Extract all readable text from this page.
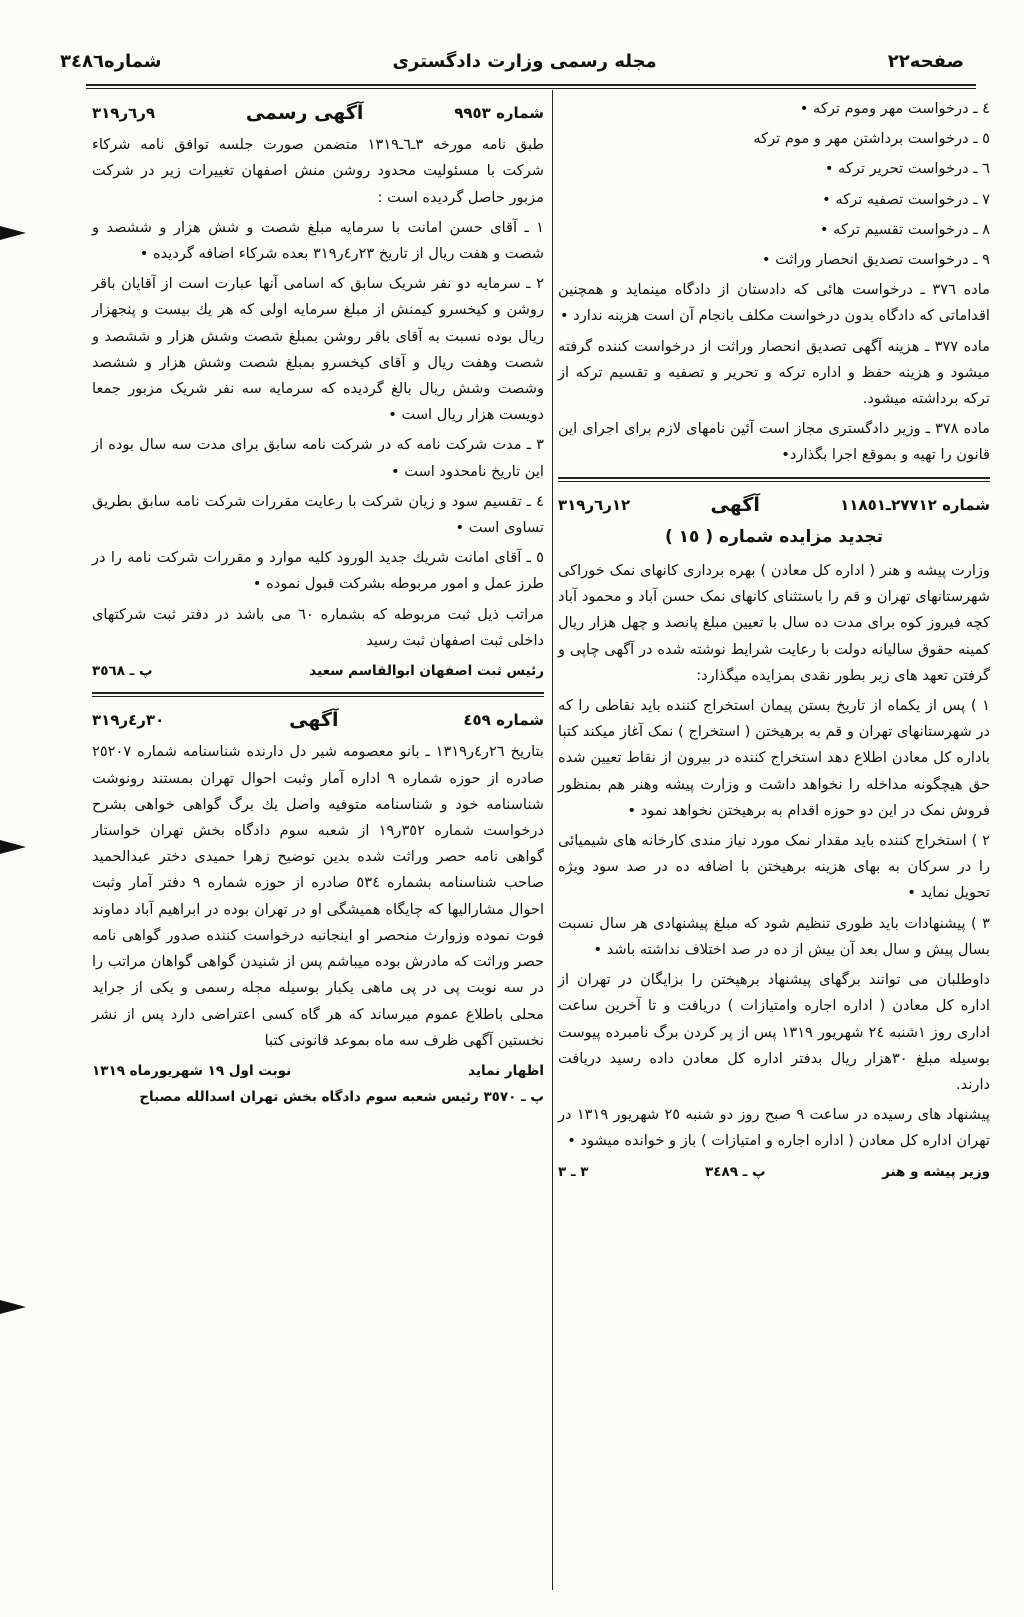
صفحه۲۲
مجله رسمی وزارت دادگستری
شماره۳٤۸٦

٤ ـ درخواست مهر وموم ترکه •

٥ ـ درخواست برداشتن مهر و موم ترکه

٦ ـ درخواست تحریر ترکه •

٧ ـ درخواست تصفیه ترکه •

٨ ـ درخواست تقسیم ترکه •

٩ ـ درخواست تصدیق انحصار وراثت •

ماده ۳۷٦ ـ درخواست هائی که دادستان از دادگاه مینماید و همچنین اقداماتی که دادگاه بدون درخواست مکلف بانجام آن است هزینه ندارد •

ماده ۳۷۷ ـ هزینه آگهی تصدیق انحصار وراثت از درخواست کننده گرفته میشود و هزینه حفظ و اداره ترکه و تحریر و تصفیه و تقسیم ترکه از ترکه برداشته میشود.

ماده ۳۷۸ ـ وزیر دادگستری مجاز است آئین نامهای لازم برای اجرای این قانون را تهیه و بموقع اجرا بگذارد•

شماره ۲۷۷۱۲ـ۱۱۸٥۱
آگهی
۱۲ر٦ر۳۱۹
تجدید مزایده شماره ( ۱٥ )

وزارت پیشه و هنر ( اداره کل معادن ) بهره برداری کانهای نمک خوراکی شهرستانهای تهران و قم را باستثنای کانهای نمک حسن آباد و محمود آباد کچه فیروز کوه برای مدت ده سال با تعیین مبلغ پانصد و چهل هزار ریال کمینه حقوق سالیانه دولت با رعایت شرایط نوشته شده در آگهی چاپی و گرفتن تعهد های زیر بطور نقدی بمزایده میگذارد:

۱ ) پس از یکماه از تاریخ بستن پیمان استخراج کننده باید نقاطی را که در شهرستانهای تهران و قم به برهیختن ( استخراج ) نمک آغاز میکند کتبا باداره کل معادن اطلاع دهد استخراج کننده در بیرون از نقاط تعیین شده حق هیچگونه مداخله را نخواهد داشت و وزارت پیشه وهنر هم بمنظور فروش نمک در این دو حوزه اقدام به برهیختن نخواهد نمود •

۲ ) استخراج کننده باید مقدار نمک مورد نیاز مندی کارخانه های شیمیائی را در سرکان به بهای هزینه برهیختن با اضافه ده در صد سود ویژه تحویل نماید •

۳ ) پیشنهادات باید طوری تنظیم شود که مبلغ پیشنهادی هر سال نسبت بسال پیش و سال بعد آن بیش از ده در صد اختلاف نداشته باشد •

داوطلبان می توانند برگهای پیشنهاد برهیختن را بزایگان در تهران از اداره کل معادن ( اداره اجاره وامتیازات ) دریافت و تا آخرین ساعت اداری روز ۱شنبه ۲٤ شهریور ۱۳۱۹ پس از پر کردن برگ نامبرده پیوست بوسیله مبلغ ۳۰هزار ریال بدفتر اداره کل معادن داده رسید دریافت دارند.

پیشنهاد های رسیده در ساعت ۹ صبح روز دو شنبه ۲٥ شهریور ۱۳۱۹ در تهران اداره کل معادن ( اداره اجاره و امتیازات ) باز و خوانده میشود •

وزیر پیشه و هنر
پ ـ ۳٤۸۹
۳ ـ ۳
شماره ۹۹٥۳
آگهی رسمی
۹ر٦ر۳۱۹

طبق نامه مورخه ۳ـ٦ـ۱۳۱۹ متضمن صورت جلسه توافق نامه شرکاء شرکت با مسئولیت محدود روشن منش اصفهان تغییرات زیر در شرکت مزبور حاصل گردیده است :

۱ ـ آقای حسن امانت با سرمایه مبلغ شصت و شش هزار و ششصد و شصت و هفت ریال از تاریخ ۲۳ر٤ر۳۱۹ بعده شرکاء اضافه گردیده •

۲ ـ سرمایه دو نفر شریک سابق که اسامی آنها عبارت است از آقایان باقر روشن و کیخسرو کیمنش از مبلغ سرمایه اولی که هر یك بیست و پنجهزار ریال بوده نسبت به آقای باقر روشن بمبلغ شصت وشش هزار و ششصد و شصت وهفت ریال و آقای کیخسرو بمبلغ شصت وشش هزار و ششصد وشصت وشش ریال بالغ گردیده که سرمایه سه نفر شریک مزبور جمعا دویست هزار ریال است •

۳ ـ مدت شرکت نامه که در شرکت نامه سابق برای مدت سه سال بوده از این تاریخ نامحدود است •

٤ ـ تقسیم سود و زیان شرکت با رعایت مقررات شرکت نامه سابق بطریق تساوی است •

٥ ـ آقای امانت شریك جدید الورود کلیه موارد و مقررات شرکت نامه را در طرز عمل و امور مربوطه بشرکت قبول نموده •

مراتب ذیل ثبت مربوطه که بشماره ٦۰ می باشد در دفتر ثبت شرکتهای داخلی ثبت اصفهان ثبت رسید

رئیس ثبت اصفهان ابوالقاسم سعید
پ ـ ۳٥٦۸
شماره ٤٥۹
آگهی
۳۰ر٤ر۳۱۹

بتاریخ ۲٦ر٤ر۱۳۱۹ ـ بانو معصومه شیر دل دارنده شناسنامه شماره ۲٥۲۰۷ صادره از حوزه شماره ۹ اداره آمار وثبت احوال تهران بمستند رونوشت شناسنامه خود و شناسنامه متوفیه واصل یك برگ گواهی خواهی بشرح درخواست شماره ۳٥۲ر۱۹ از شعبه سوم دادگاه بخش تهران خواستار گواهی نامه حصر وراثت شده بدین توضیح زهرا حمیدی دختر عبدالحمید صاحب شناسنامه بشماره ٥۳٤ صادره از حوزه شماره ۹ دفتر آمار وثبت احوال مشارالیها که چایگاه همیشگی او در تهران بوده در ابراهیم آباد دماوند فوت نموده وزوارث منحصر او اینجانبه درخواست کننده صدور گواهی نامه حصر وراثت که مادرش بوده میباشم پس از شنیدن گواهی گواهان مراتب را در سه نوبت پی در پی ماهی یکبار بوسیله مجله رسمی و یکی از جراید محلی باطلاع عموم میرساند که هر گاه کسی اعتراضی دارد پس از نشر نخستین آگهی ظرف سه ماه بموعد قانونی کتبا

اظهار نماید
نوبت اول ۱۹ شهریورماه ۱۳۱۹
پ ـ ۳٥۷۰ رئیس شعبه سوم دادگاه بخش تهران اسدالله مصباح
